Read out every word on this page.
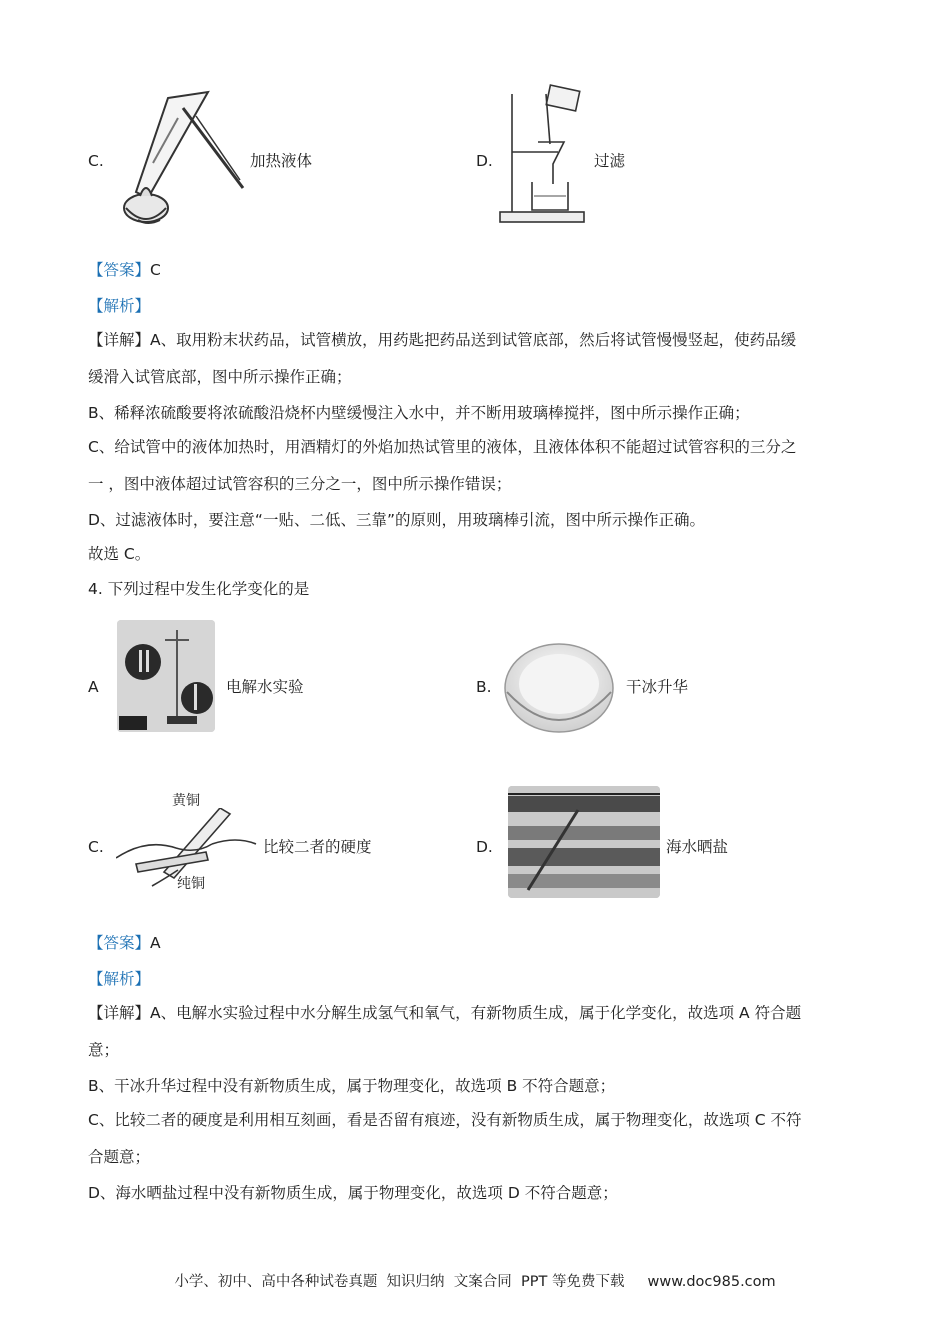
C.	加热液体	D.	过滤
【答案】C
【解析】
【详解】A、取用粉末状药品，试管横放，用药匙把药品送到试管底部，然后将试管慢慢竖起，使药品缓
缓滑入试管底部，图中所示操作正确；
B、稀释浓硫酸要将浓硫酸沿烧杯内壁缓慢注入水中，并不断用玻璃棒搅拌，图中所示操作正确；
C、给试管中的液体加热时，用酒精灯的外焰加热试管里的液体，且液体体积不能超过试管容积的三分之
一 ，图中液体超过试管容积的三分之一，图中所示操作错误；
D、过滤液体时，要注意“一贴、二低、三靠”的原则，用玻璃棒引流，图中所示操作正确。
故选 C。
4. 下列过程中发生化学变化的是
A	电解水实验	B.	干冰升华
C.
黄铜
纯铜
比较二者的硬度	D.	海水晒盐
【答案】A
【解析】
【详解】A、电解水实验过程中水分解生成氢气和氧气，有新物质生成，属于化学变化，故选项 A 符合题
意；
B、干冰升华过程中没有新物质生成，属于物理变化，故选项 B 不符合题意；
C、比较二者的硬度是利用相互刻画，看是否留有痕迹，没有新物质生成，属于物理变化，故选项 C 不符
合题意；
D、海水晒盐过程中没有新物质生成，属于物理变化，故选项 D 不符合题意；
小学、初中、高中各种试卷真题  知识归纳  文案合同  PPT 等免费下载     www.doc985.com
